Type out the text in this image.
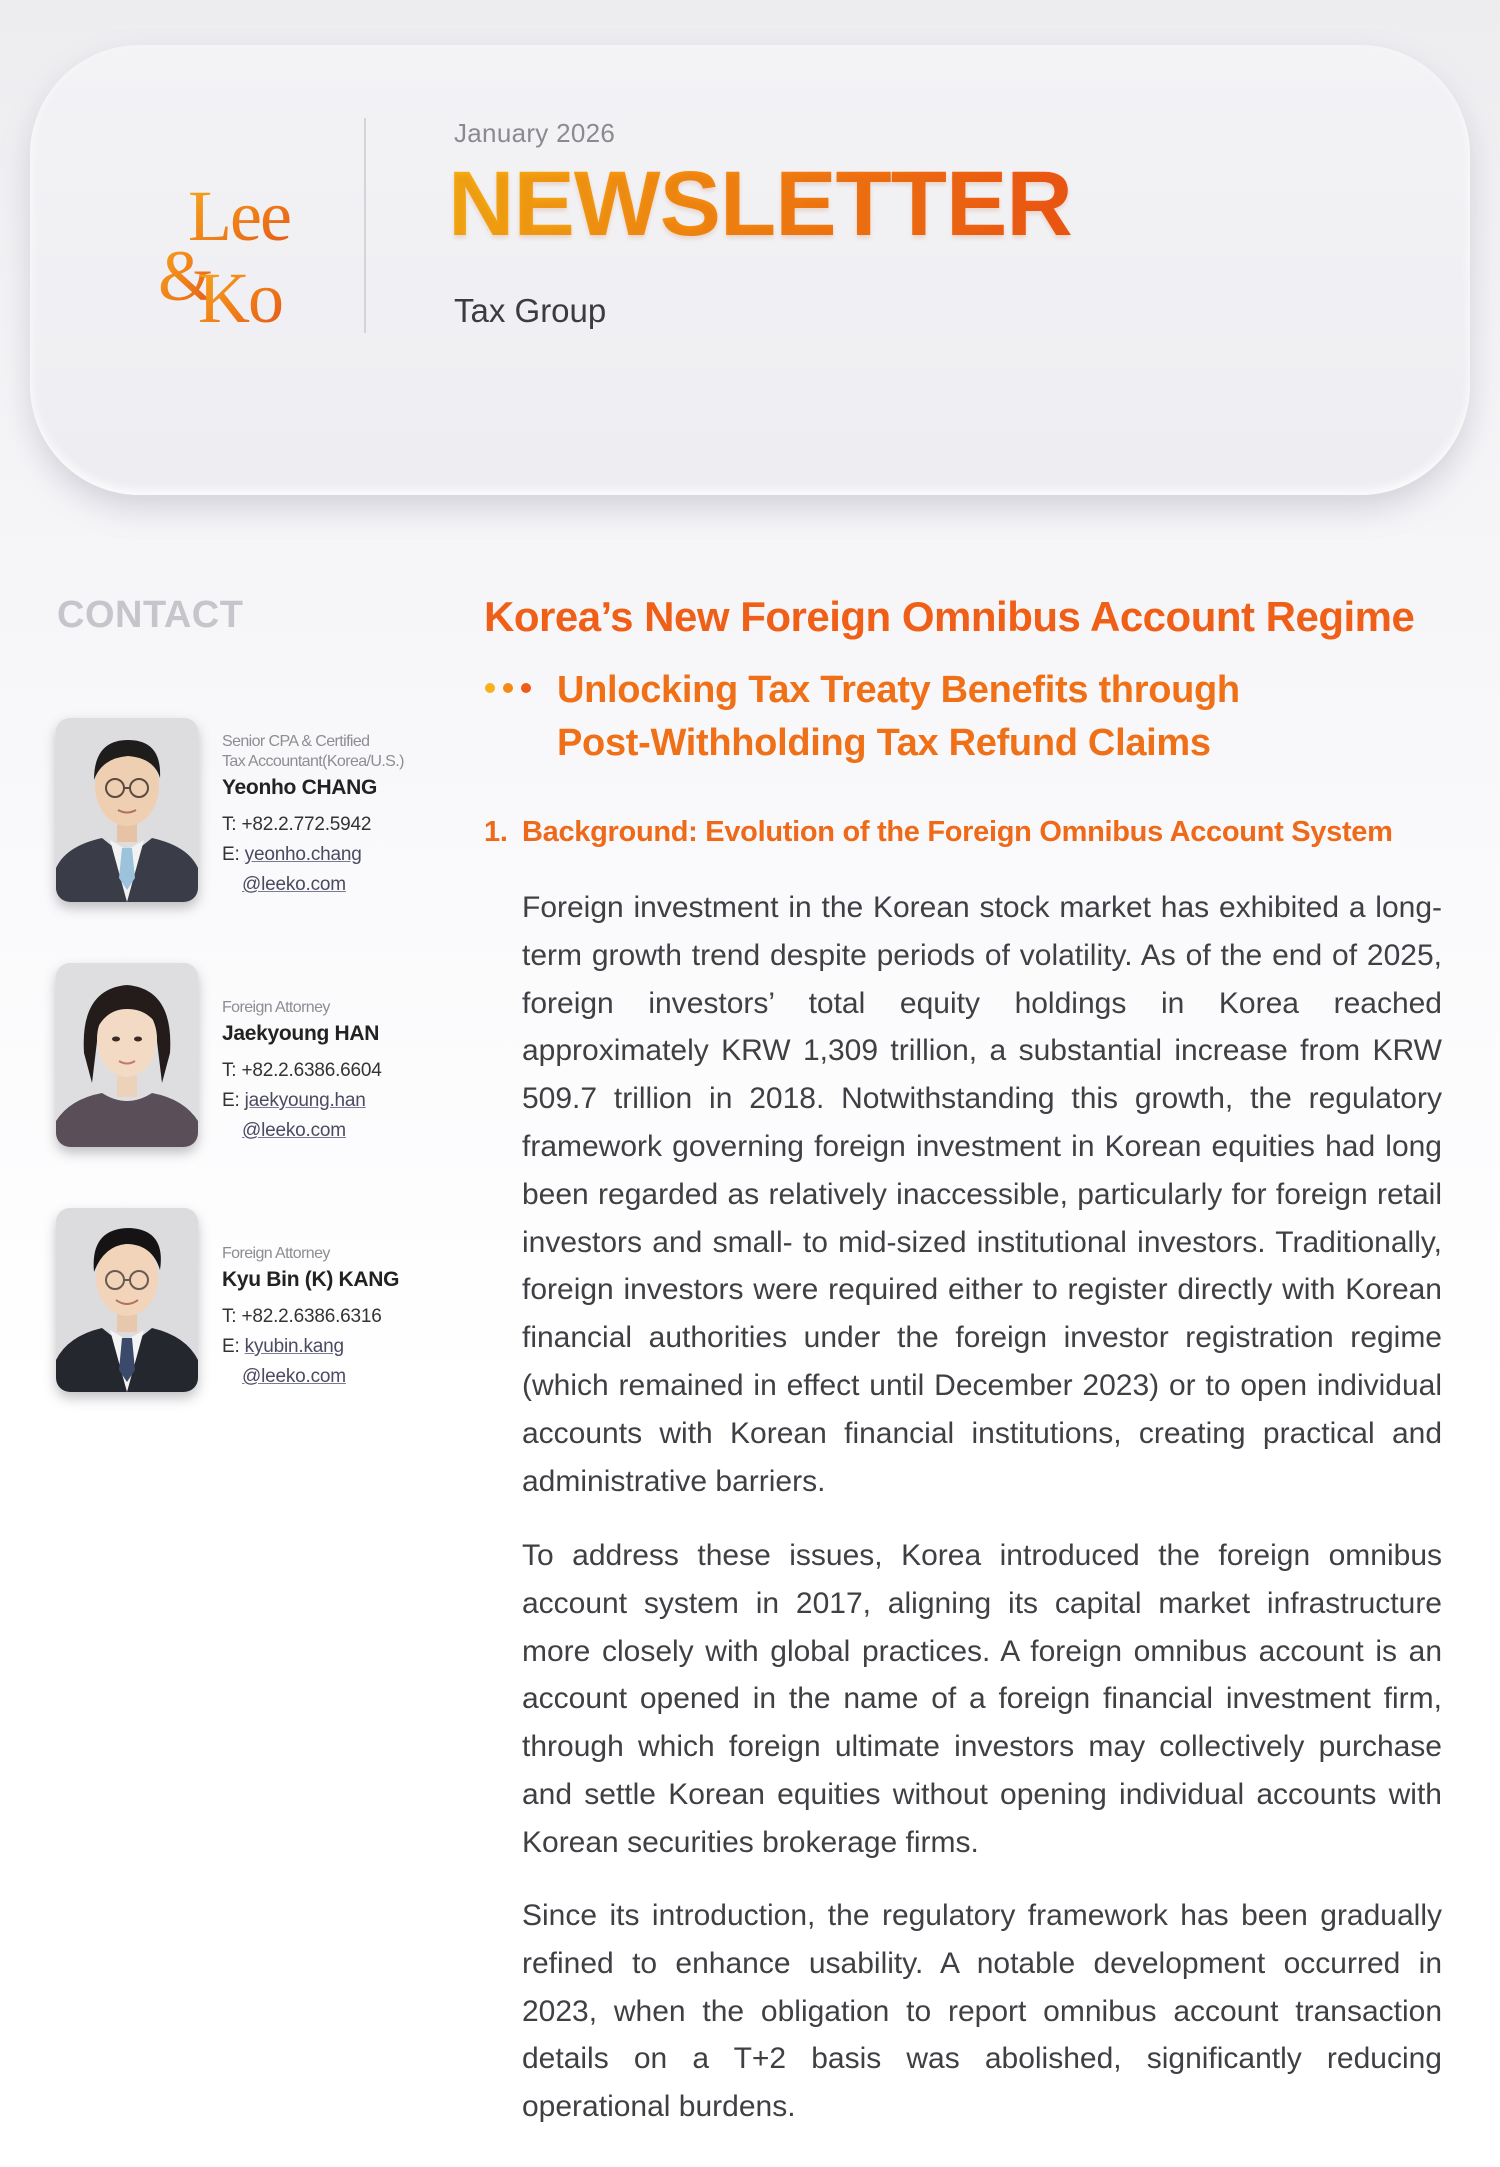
Lee
&
Ko
January 2026
NEWSLETTER
Tax Group
CONTACT
Senior CPA & Certified
Tax Accountant(Korea/U.S.)
Yeonho CHANG
T: +82.2.772.5942
E: yeonho.chang
@leeko.com
Foreign Attorney
Jaekyoung HAN
T: +82.2.6386.6604
E: jaekyoung.han
@leeko.com
Foreign Attorney
Kyu Bin (K) KANG
T: +82.2.6386.6316
E: kyubin.kang
@leeko.com
Korea’s New Foreign Omnibus Account Regime
Unlocking Tax Treaty Benefits through
Post-Withholding Tax Refund Claims
1. Background: Evolution of the Foreign Omnibus Account System

Foreign investment in the Korean stock market has exhibited a long-term growth trend despite periods of volatility. As of the end of 2025, foreign investors’ total equity holdings in Korea reached approximately KRW 1,309 trillion, a substantial increase from KRW 509.7 trillion in 2018. Notwithstanding this growth, the regulatory framework governing foreign investment in Korean equities had long been regarded as relatively inaccessible, particularly for foreign retail investors and small- to mid-sized institutional investors. Traditionally, foreign investors were required either to register directly with Korean financial authorities under the foreign investor registration regime (which remained in effect until December 2023) or to open individual accounts with Korean financial institutions, creating practical and administrative barriers.

To address these issues, Korea introduced the foreign omnibus account system in 2017, aligning its capital market infrastructure more closely with global practices. A foreign omnibus account is an account opened in the name of a foreign financial investment firm, through which foreign ultimate investors may collectively purchase and settle Korean equities without opening individual accounts with Korean securities brokerage firms.

Since its introduction, the regulatory framework has been gradually refined to enhance usability. A notable development occurred in 2023, when the obligation to report omnibus account transaction details on a T+2 basis was abolished, significantly reducing operational burdens.
